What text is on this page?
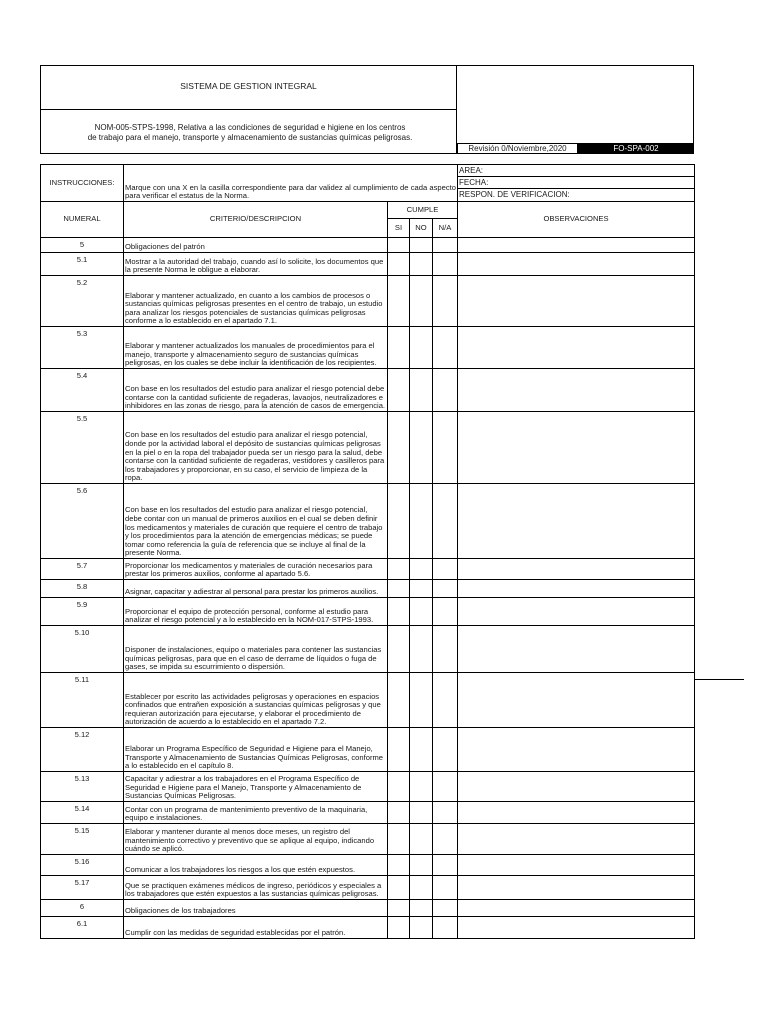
SISTEMA DE GESTION INTEGRAL
NOM-005-STPS-1998, Relativa a las condiciones de seguridad e higiene en los centros
de trabajo para el manejo, transporte y almacenamiento de sustancias químicas peligrosas.
Revisión 0/Noviembre,2020	FO-SPA-002
INSTRUCCIONES:	Marque con una X en la casilla correspondiente para dar validez al cumplimiento de cada aspecto para verificar el estatus de la Norma.				AREA:
FECHA:
RESPON. DE VERIFICACION:

NUMERAL	CRITERIO/DESCRIPCION	CUMPLE			OBSERVACIONES
		SI	NO	N/A	
5	Obligaciones del patrón				
5.1	Mostrar a la autoridad del trabajo, cuando así lo solicite, los documentos que la presente Norma le obligue a elaborar.				
5.2	Elaborar y mantener actualizado, en cuanto a los cambios de procesos o sustancias químicas peligrosas presentes en el centro de trabajo, un estudio para analizar los riesgos potenciales de sustancias químicas peligrosas conforme a lo establecido en el apartado 7.1.				
5.3	Elaborar y mantener actualizados los manuales de procedimientos para el manejo, transporte y almacenamiento seguro de sustancias químicas peligrosas, en los cuales se debe incluir la identificación de los recipientes.				
5.4	Con base en los resultados del estudio para analizar el riesgo potencial debe contarse con la cantidad suficiente de regaderas, lavaojos, neutralizadores e inhibidores en las zonas de riesgo, para la atención de casos de emergencia.				
5.5	Con base en los resultados del estudio para analizar el riesgo potencial, donde por la actividad laboral el depósito de sustancias químicas peligrosas en la piel o en la ropa del trabajador pueda ser un riesgo para la salud, debe contarse con la cantidad suficiente de regaderas, vestidores y casilleros para los trabajadores y proporcionar, en su caso, el servicio de limpieza de la ropa.				
5.6	Con base en los resultados del estudio para analizar el riesgo potencial, debe contar con un manual de primeros auxilios en el cual se deben definir los medicamentos y materiales de curación que requiere el centro de trabajo y los procedimientos para la atención de emergencias médicas; se puede tomar como referencia la guía de referencia que se incluye al final de la presente Norma.				
5.7	Proporcionar los medicamentos y materiales de curación necesarios para prestar los primeros auxilios, conforme al apartado 5.6.				
5.8	Asignar, capacitar y adiestrar al personal para prestar los primeros auxilios.				
5.9	Proporcionar el equipo de protección personal, conforme al estudio para analizar el riesgo potencial y a lo establecido en la NOM-017-STPS-1993.				
5.10	Disponer de instalaciones, equipo o materiales para contener las sustancias químicas peligrosas, para que en el caso de derrame de líquidos o fuga de gases, se impida su escurrimiento o dispersión.				
5.11	Establecer por escrito las actividades peligrosas y operaciones en espacios confinados que entrañen exposición a sustancias químicas peligrosas y que requieran autorización para ejecutarse, y elaborar el procedimiento de autorización de acuerdo a lo establecido en el apartado 7.2.				
5.12	Elaborar un Programa Específico de Seguridad e Higiene para el Manejo, Transporte y Almacenamiento de Sustancias Químicas Peligrosas, conforme a lo establecido en el capítulo 8.				
5.13	Capacitar y adiestrar a los trabajadores en el Programa Específico de Seguridad e Higiene para el Manejo, Transporte y Almacenamiento de Sustancias Químicas Peligrosas.				
5.14	Contar con un programa de mantenimiento preventivo de la maquinaria, equipo e instalaciones.				
5.15	Elaborar y mantener durante al menos doce meses, un registro del mantenimiento correctivo y preventivo que se aplique al equipo, indicando cuándo se aplicó.				
5.16	Comunicar a los trabajadores los riesgos a los que estén expuestos.				
5.17	Que se practiquen exámenes médicos de ingreso, periódicos y especiales a los trabajadores que estén expuestos a las sustancias químicas peligrosas.				
6	Obligaciones de los trabajadores				
6.1	Cumplir con las medidas de seguridad establecidas por el patrón.				
